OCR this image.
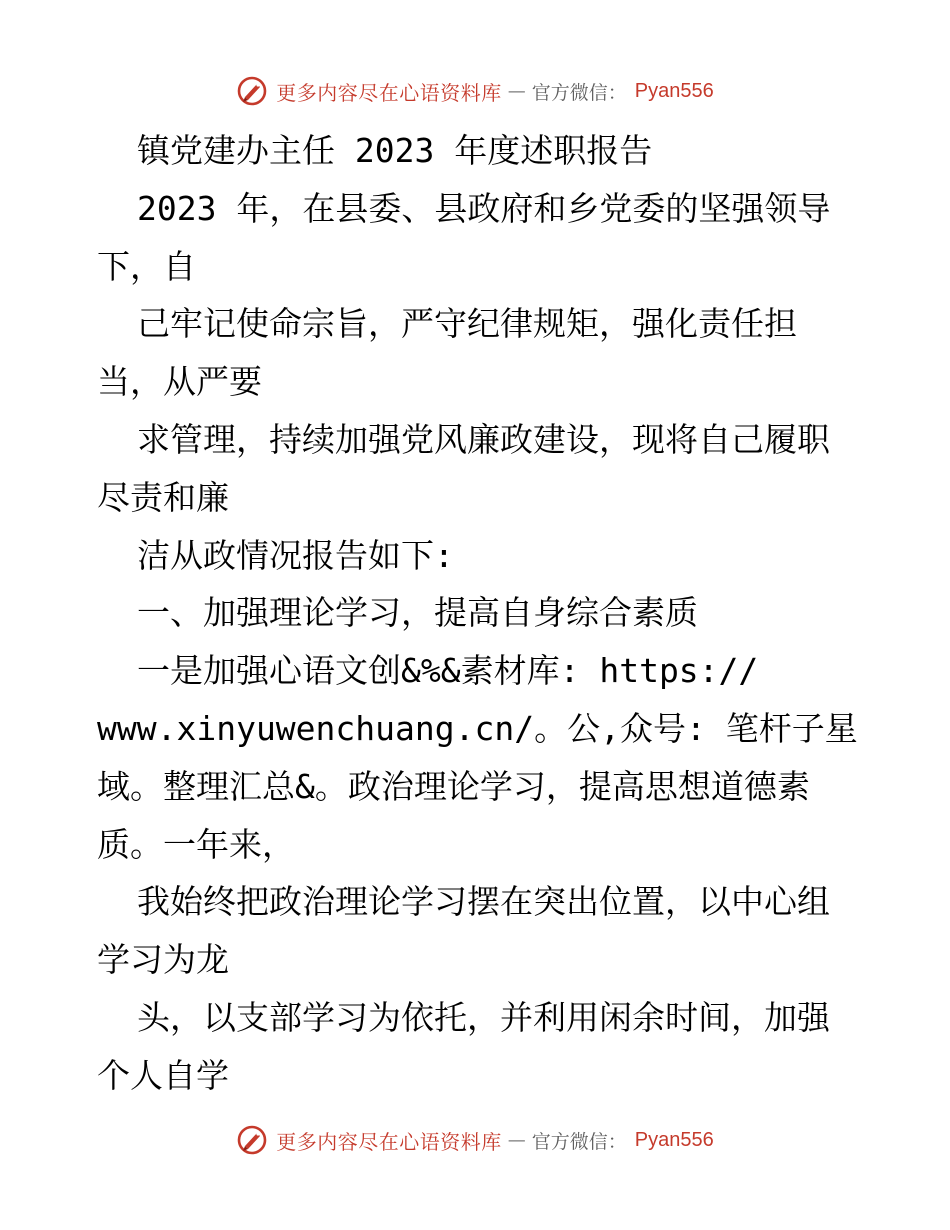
更多内容尽在心语资料库 — 官方微信： Pyan556
镇党建办主任 2023 年度述职报告
2023 年，在县委、县政府和乡党委的坚强领导
下，自
己牢记使命宗旨，严守纪律规矩，强化责任担
当，从严要
求管理，持续加强党风廉政建设，现将自己履职
尽责和廉
洁从政情况报告如下:
一、加强理论学习，提高自身综合素质
一是加强心语文创&%&素材库: https://
www.xinyuwenchuang.cn/。公,众号: 笔杆子星
域。整理汇总&。政治理论学习，提高思想道德素
质。一年来，
我始终把政治理论学习摆在突出位置，以中心组
学习为龙
头，以支部学习为依托，并利用闲余时间，加强
个人自学
更多内容尽在心语资料库 — 官方微信： Pyan556
